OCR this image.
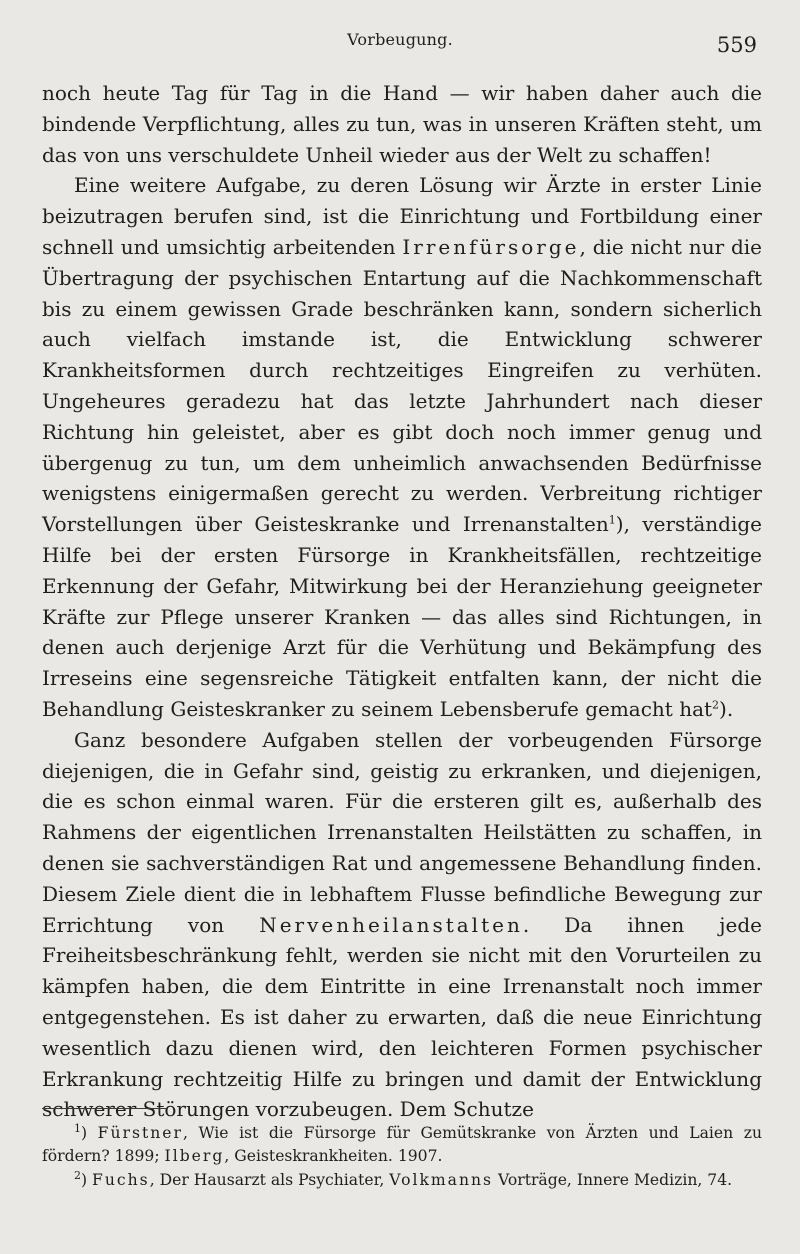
Vorbeugung.	559

noch heute Tag für Tag in die Hand — wir haben daher auch die bindende Verpflichtung, alles zu tun, was in unseren Kräften steht, um das von uns verschuldete Unheil wieder aus der Welt zu schaffen!

Eine weitere Aufgabe, zu deren Lösung wir Ärzte in erster Linie beizutragen berufen sind, ist die Einrichtung und Fortbildung einer schnell und umsichtig arbeitenden Irrenfürsorge, die nicht nur die Übertragung der psychischen Entartung auf die Nachkommenschaft bis zu einem gewissen Grade beschränken kann, sondern sicherlich auch vielfach imstande ist, die Entwicklung schwerer Krankheitsformen durch rechtzeitiges Eingreifen zu verhüten. Ungeheures geradezu hat das letzte Jahrhundert nach dieser Richtung hin geleistet, aber es gibt doch noch immer genug und übergenug zu tun, um dem unheimlich anwachsenden Bedürfnisse wenigstens einigermaßen gerecht zu werden. Verbreitung richtiger Vorstellungen über Geisteskranke und Irrenanstalten$^1$), verständige Hilfe bei der ersten Fürsorge in Krankheitsfällen, rechtzeitige Erkennung der Gefahr, Mitwirkung bei der Heranziehung geeigneter Kräfte zur Pflege unserer Kranken — das alles sind Richtungen, in denen auch derjenige Arzt für die Verhütung und Bekämpfung des Irreseins eine segensreiche Tätigkeit entfalten kann, der nicht die Behandlung Geisteskranker zu seinem Lebensberufe gemacht hat$^2$).

Ganz besondere Aufgaben stellen der vorbeugenden Fürsorge diejenigen, die in Gefahr sind, geistig zu erkranken, und diejenigen, die es schon einmal waren. Für die ersteren gilt es, außerhalb des Rahmens der eigentlichen Irrenanstalten Heilstätten zu schaffen, in denen sie sachverständigen Rat und angemessene Behandlung finden. Diesem Ziele dient die in lebhaftem Flusse befindliche Bewegung zur Errichtung von Nervenheilanstalten. Da ihnen jede Freiheitsbeschränkung fehlt, werden sie nicht mit den Vorurteilen zu kämpfen haben, die dem Eintritte in eine Irrenanstalt noch immer entgegenstehen. Es ist daher zu erwarten, daß die neue Einrichtung wesentlich dazu dienen wird, den leichteren Formen psychischer Erkrankung rechtzeitig Hilfe zu bringen und damit der Entwicklung schwerer Störungen vorzubeugen. Dem Schutze

$^1$) Fürstner, Wie ist die Fürsorge für Gemütskranke von Ärzten und Laien zu fördern? 1899; Ilberg, Geisteskrankheiten. 1907.

$^2$) Fuchs, Der Hausarzt als Psychiater, Volkmanns Vorträge, Innere Medizin, 74.
